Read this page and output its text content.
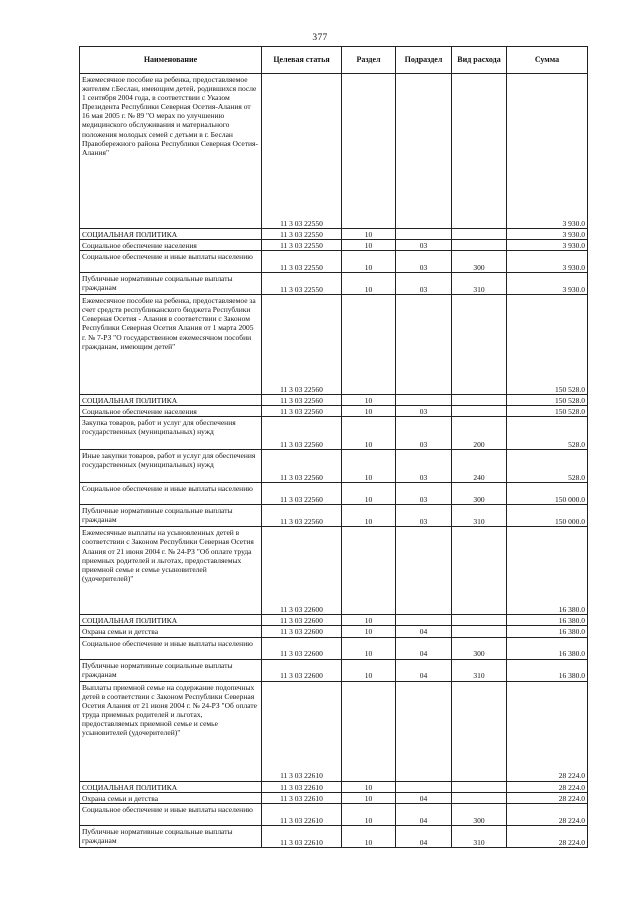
377
Наименование	Целевая статья	Раздел	Подраздел	Вид расхода	Сумма
Ежемесячное пособие на ребенка, предоставляемое жителям г.Беслан, имеющим детей, родившихся после 1 сентября 2004 года, в соответствии с Указом Президента Республики Северная Осетия-Алания от 16 мая 2005 г. № 89 "О мерах по улучшению медицинского обслуживания и материального положения молодых семей с детьми в г. Беслан Правобережного района Республики Северная Осетия-Алания"	11 3 03 22550				3 930.0
СОЦИАЛЬНАЯ ПОЛИТИКА	11 3 03 22550	10			3 930.0
Социальное обеспечение населения	11 3 03 22550	10	03		3 930.0
Социальное обеспечение и иные выплаты населению	11 3 03 22550	10	03	300	3 930.0
Публичные нормативные социальные выплаты гражданам	11 3 03 22550	10	03	310	3 930.0
Ежемесячное пособие на ребенка, предоставляемое за счет средств республиканского бюджета Республики Северная Осетия - Алания в соответствии с Законом Республики Северная Осетия Алания от 1 марта 2005 г. № 7-РЗ "О государственном ежемесячном пособии гражданам, имеющим детей"	11 3 03 22560				150 528.0
СОЦИАЛЬНАЯ ПОЛИТИКА	11 3 03 22560	10			150 528.0
Социальное обеспечение населения	11 3 03 22560	10	03		150 528.0
Закупка товаров, работ и услуг для обеспечения государственных (муниципальных) нужд	11 3 03 22560	10	03	200	528.0
Иные закупки товаров, работ и услуг для обеспечения государственных (муниципальных) нужд	11 3 03 22560	10	03	240	528.0
Социальное обеспечение и иные выплаты населению	11 3 03 22560	10	03	300	150 000.0
Публичные нормативные социальные выплаты гражданам	11 3 03 22560	10	03	310	150 000.0
Ежемесячные выплаты на усыновленных детей в соответствии с Законом Республики Северная Осетия Алания от 21 июня 2004 г. № 24-РЗ "Об оплате труда приемных родителей и льготах, предоставляемых приемной семье и семье усыновителей (удочерителей)"	11 3 03 22600				16 380.0
СОЦИАЛЬНАЯ ПОЛИТИКА	11 3 03 22600	10			16 380.0
Охрана семьи и детства	11 3 03 22600	10	04		16 380.0
Социальное обеспечение и иные выплаты населению	11 3 03 22600	10	04	300	16 380.0
Публичные нормативные социальные выплаты гражданам	11 3 03 22600	10	04	310	16 380.0
Выплаты приемной семье на содержание подопечных детей в соответствии с Законом Республики Северная Осетия Алания от 21 июня 2004 г. № 24-РЗ "Об оплате труда приемных родителей и льготах, предоставляемых приемной семье и семье усыновителей (удочерителей)"	11 3 03 22610				28 224.0
СОЦИАЛЬНАЯ ПОЛИТИКА	11 3 03 22610	10			28 224.0
Охрана семьи и детства	11 3 03 22610	10	04		28 224.0
Социальное обеспечение и иные выплаты населению	11 3 03 22610	10	04	300	28 224.0
Публичные нормативные социальные выплаты гражданам	11 3 03 22610	10	04	310	28 224.0
